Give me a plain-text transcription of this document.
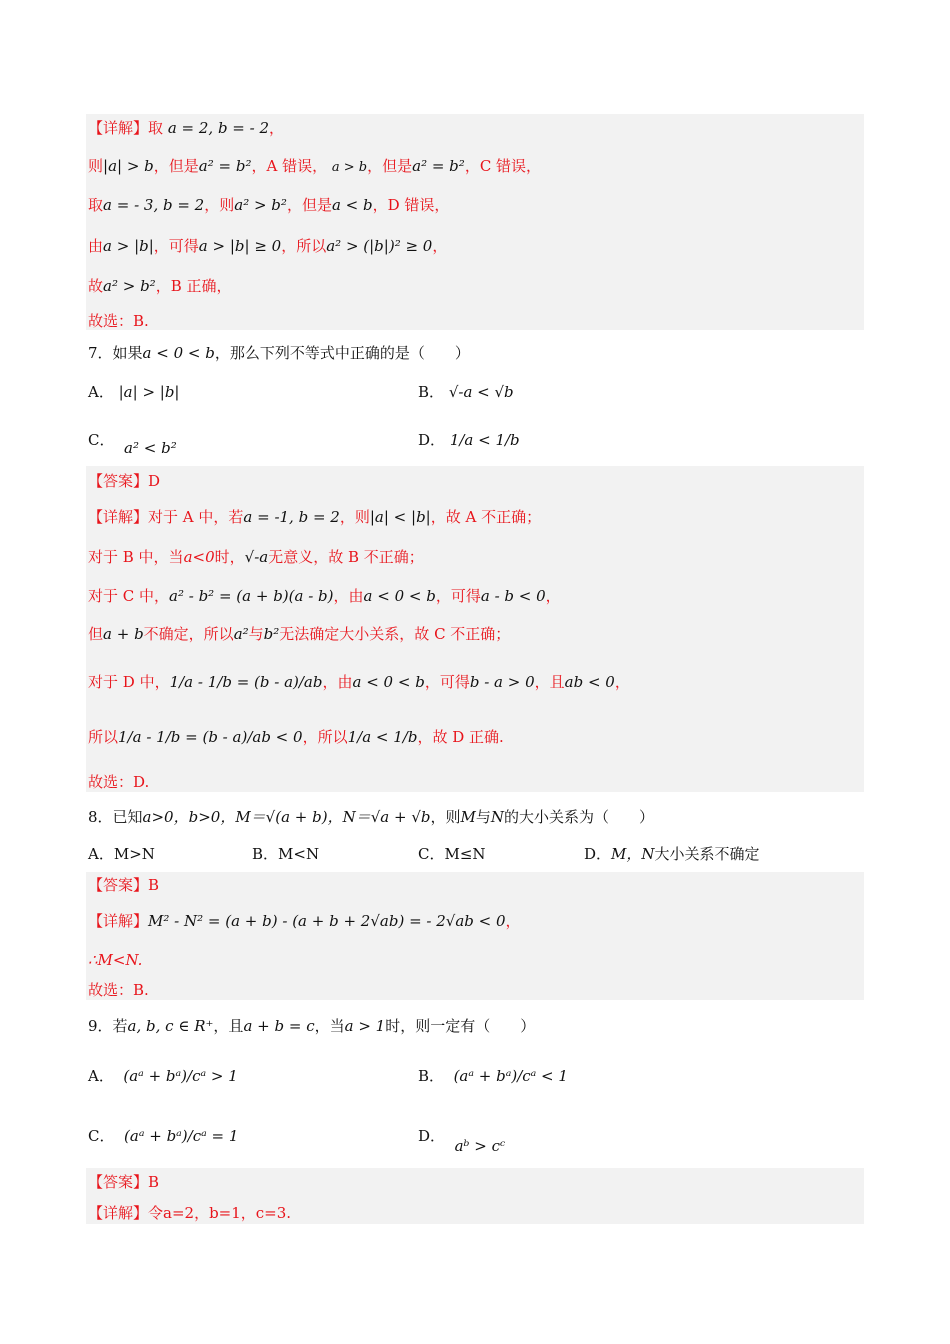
【详解】取 a = 2, b = - 2，
则|a| > b，但是a² = b²，A 错误， a > b，但是a² = b²，C 错误，
取a = - 3, b = 2，则a² > b²，但是a < b，D 错误，
由a > |b|，可得a > |b| ≥ 0，所以a² > (|b|)² ≥ 0，
故a² > b²，B 正确，
故选：B.
7．如果a < 0 < b，那么下列不等式中正确的是（　　）
A． |a| > |b|	B． √-a < √b
C． a² < b²	D． 1/a < 1/b
【答案】D
【详解】对于 A 中，若a = -1, b = 2，则|a| < |b|，故 A 不正确；
对于 B 中，当a<0时，√-a无意义，故 B 不正确；
对于 C 中，a² - b² = (a + b)(a - b)，由a < 0 < b，可得a - b < 0，
但a + b不确定，所以a²与b²无法确定大小关系，故 C 不正确；
对于 D 中，1/a - 1/b = (b - a)/ab，由a < 0 < b，可得b - a > 0，且ab < 0，
所以1/a - 1/b = (b - a)/ab < 0，所以1/a < 1/b，故 D 正确.
故选：D.
8．已知a>0，b>0，M＝√(a + b)，N＝√a + √b，则M与N的大小关系为（　　）
A．M>N	B．M<N	C．M≤N	D．M，N大小关系不确定
【答案】B
【详解】M² - N² = (a + b) - (a + b + 2√ab) = - 2√ab < 0，
∴M<N.
故选：B.
9．若a, b, c ∈ R⁺，且a + b = c，当a > 1时，则一定有（　　）
A． (aᵃ + bᵃ)/cᵃ > 1	B． (aᵃ + bᵃ)/cᵃ < 1
C． (aᵃ + bᵃ)/cᵃ = 1	D．  aᵇ > cᶜ
【答案】B
【详解】令a=2，b=1，c=3.
